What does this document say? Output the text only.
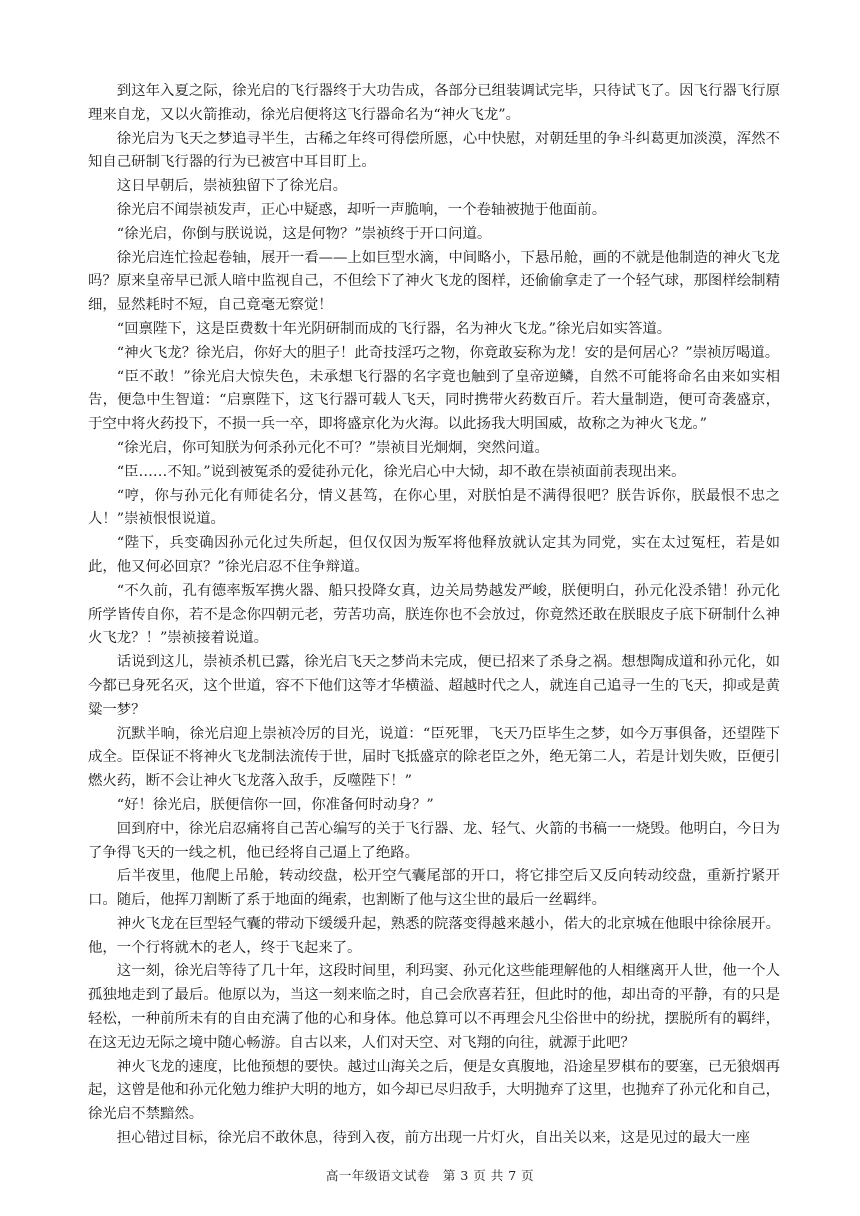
到这年入夏之际，徐光启的飞行器终于大功告成，各部分已组装调试完毕，只待试飞了。因飞行器飞行原理来自龙，又以火箭推动，徐光启便将这飞行器命名为“神火飞龙”。

徐光启为飞天之梦追寻半生，古稀之年终可得偿所愿，心中快慰，对朝廷里的争斗纠葛更加淡漠，浑然不知自己研制飞行器的行为已被宫中耳目盯上。

这日早朝后，崇祯独留下了徐光启。

徐光启不闻崇祯发声，正心中疑惑，却听一声脆响，一个卷轴被抛于他面前。

“徐光启，你倒与朕说说，这是何物？”崇祯终于开口问道。

徐光启连忙捡起卷轴，展开一看——上如巨型水滴，中间略小，下悬吊舱，画的不就是他制造的神火飞龙吗？原来皇帝早已派人暗中监视自己，不但绘下了神火飞龙的图样，还偷偷拿走了一个轻气球，那图样绘制精细，显然耗时不短，自己竟毫无察觉！

“回禀陛下，这是臣费数十年光阴研制而成的飞行器，名为神火飞龙。”徐光启如实答道。

“神火飞龙？徐光启，你好大的胆子！此奇技淫巧之物，你竟敢妄称为龙！安的是何居心？”崇祯厉喝道。

“臣不敢！”徐光启大惊失色，未承想飞行器的名字竟也触到了皇帝逆鳞，自然不可能将命名由来如实相告，便急中生智道：“启禀陛下，这飞行器可载人飞天，同时携带火药数百斤。若大量制造，便可奇袭盛京，于空中将火药投下，不损一兵一卒，即将盛京化为火海。以此扬我大明国威，故称之为神火飞龙。”

“徐光启，你可知朕为何杀孙元化不可？”崇祯目光炯炯，突然问道。

“臣……不知。”说到被冤杀的爱徒孙元化，徐光启心中大恸，却不敢在崇祯面前表现出来。

“哼，你与孙元化有师徒名分，情义甚笃，在你心里，对朕怕是不满得很吧？朕告诉你，朕最恨不忠之人！”崇祯恨恨说道。

“陛下，兵变确因孙元化过失所起，但仅仅因为叛军将他释放就认定其为同党，实在太过冤枉，若是如此，他又何必回京？”徐光启忍不住争辩道。

“不久前，孔有德率叛军携火器、船只投降女真，边关局势越发严峻，朕便明白，孙元化没杀错！孙元化所学皆传自你，若不是念你四朝元老，劳苦功高，朕连你也不会放过，你竟然还敢在朕眼皮子底下研制什么神火飞龙？！”崇祯接着说道。

话说到这儿，崇祯杀机已露，徐光启飞天之梦尚未完成，便已招来了杀身之祸。想想陶成道和孙元化，如今都已身死名灭，这个世道，容不下他们这等才华横溢、超越时代之人，就连自己追寻一生的飞天，抑或是黄粱一梦？

沉默半晌，徐光启迎上崇祯冷厉的目光，说道：“臣死罪，飞天乃臣毕生之梦，如今万事俱备，还望陛下成全。臣保证不将神火飞龙制法流传于世，届时飞抵盛京的除老臣之外，绝无第二人，若是计划失败，臣便引燃火药，断不会让神火飞龙落入敌手，反噬陛下！”

“好！徐光启，朕便信你一回，你准备何时动身？”

回到府中，徐光启忍痛将自己苦心编写的关于飞行器、龙、轻气、火箭的书稿一一烧毁。他明白，今日为了争得飞天的一线之机，他已经将自己逼上了绝路。

后半夜里，他爬上吊舱，转动绞盘，松开空气囊尾部的开口，将它排空后又反向转动绞盘，重新拧紧开口。随后，他挥刀割断了系于地面的绳索，也割断了他与这尘世的最后一丝羁绊。

神火飞龙在巨型轻气囊的带动下缓缓升起，熟悉的院落变得越来越小，偌大的北京城在他眼中徐徐展开。他，一个行将就木的老人，终于飞起来了。

这一刻，徐光启等待了几十年，这段时间里，利玛窦、孙元化这些能理解他的人相继离开人世，他一个人孤独地走到了最后。他原以为，当这一刻来临之时，自己会欣喜若狂，但此时的他，却出奇的平静，有的只是轻松，一种前所未有的自由充满了他的心和身体。他总算可以不再理会凡尘俗世中的纷扰，摆脱所有的羁绊，在这无边无际之境中随心畅游。自古以来，人们对天空、对飞翔的向往，就源于此吧？

神火飞龙的速度，比他预想的要快。越过山海关之后，便是女真腹地，沿途星罗棋布的要塞，已无狼烟再起，这曾是他和孙元化勉力维护大明的地方，如今却已尽归敌手，大明抛弃了这里，也抛弃了孙元化和自己，徐光启不禁黯然。

担心错过目标，徐光启不敢休息，待到入夜，前方出现一片灯火，自出关以来，这是见过的最大一座

高一年级语文试卷　第 3 页 共 7 页
